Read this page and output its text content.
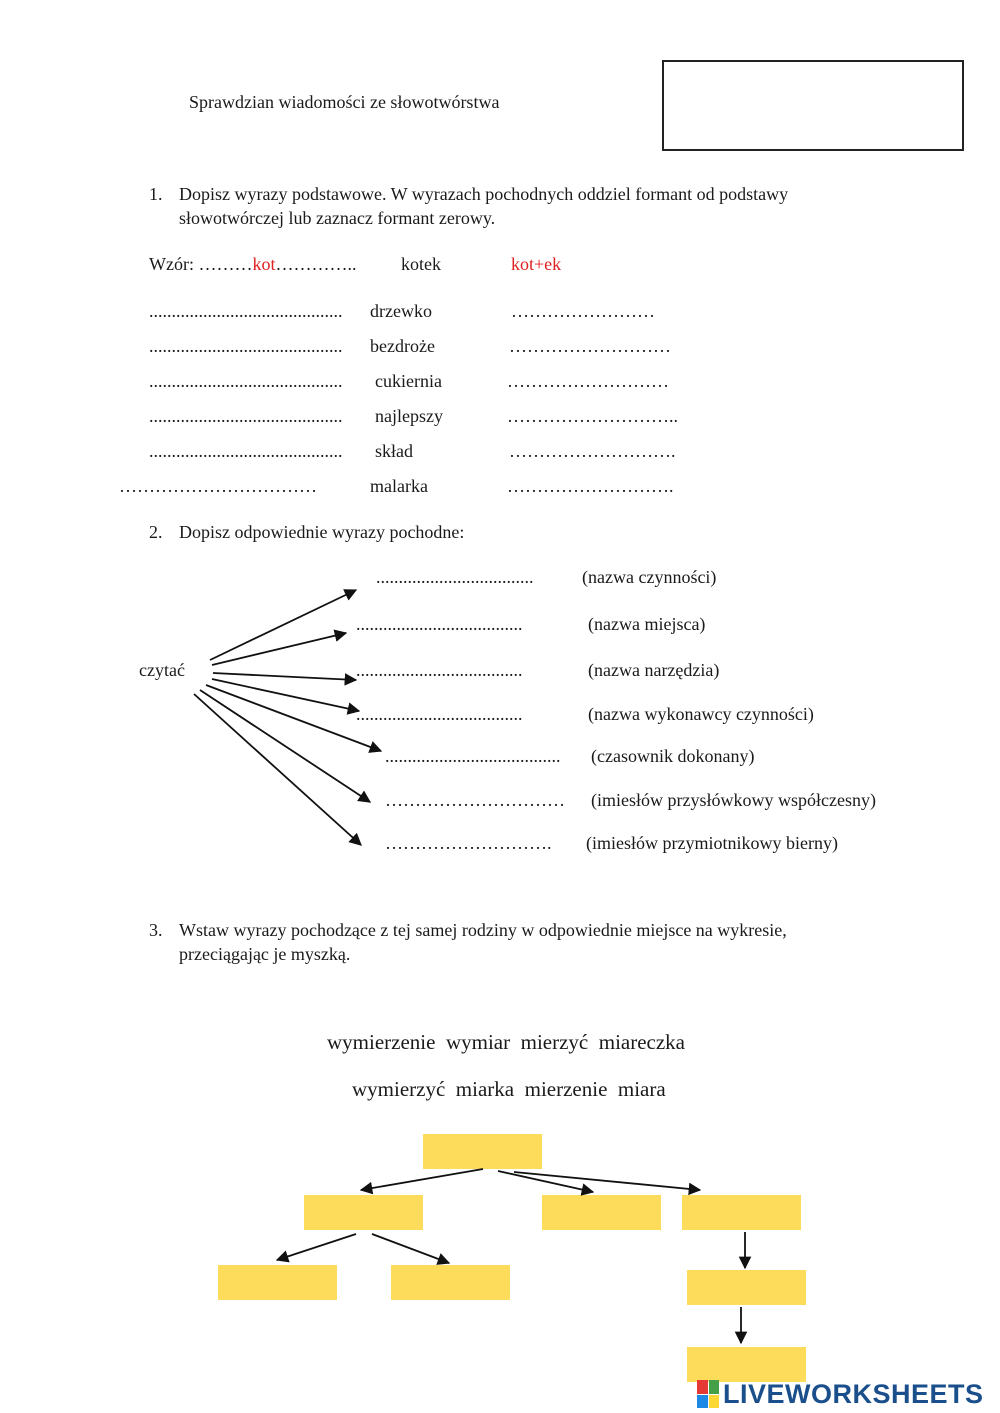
Sprawdzian wiadomości ze słowotwórstwa
1. Dopisz wyrazy podstawowe. W wyrazach pochodnych oddziel formant od podstawy
słowotwórczej lub zaznacz formant zerowy.
Wzór: ………kot………….. kotek	kot+ek
........................................... drzewko	……………………
........................................... bezdroże	………………………
........................................... cukiernia	………………………
........................................... najlepszy	………………………..
........................................... skład	……………………….
……………………………	malarka	……………………….
2. Dopisz odpowiednie wyrazy pochodne:
czytać
...................................	(nazwa czynności)
.....................................	(nazwa miejsca)
.....................................	(nazwa narzędzia)
.....................................	(nazwa wykonawcy czynności)
....................................... (czasownik dokonany)
………………………… (imiesłów przysłówkowy współczesny)
………………………. (imiesłów przymiotnikowy bierny)
3. Wstaw wyrazy pochodzące z tej samej rodziny w odpowiednie miejsce na wykresie,
przeciągając je myszką.
wymierzenie wymiar mierzyć miareczka
wymierzyć miarka mierzenie miara
LIVEWORKSHEETS
